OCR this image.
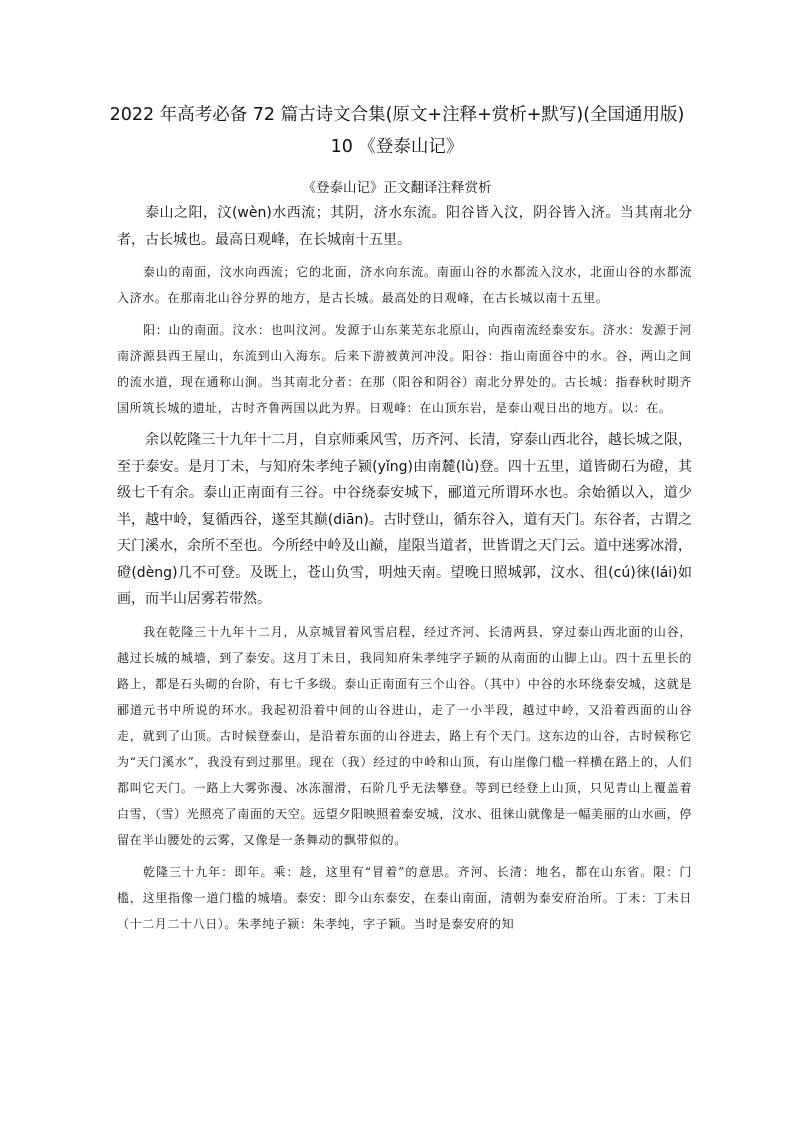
2022 年高考必备 72 篇古诗文合集(原文+注释+赏析+默写)(全国通用版)
10 《登泰山记》
《登泰山记》正文翻译注释赏析

泰山之阳，汶(wèn)水西流；其阴，济水东流。阳谷皆入汶，阴谷皆入济。当其南北分者，古长城也。最高日观峰，在长城南十五里。

泰山的南面，汶水向西流；它的北面，济水向东流。南面山谷的水都流入汶水，北面山谷的水都流入济水。在那南北山谷分界的地方，是古长城。最高处的日观峰，在古长城以南十五里。

阳：山的南面。汶水：也叫汶河。发源于山东莱芜东北原山，向西南流经泰安东。济水：发源于河南济源县西王屋山，东流到山入海东。后来下游被黄河冲没。阳谷：指山南面谷中的水。谷，两山之间的流水道，现在通称山涧。当其南北分者：在那（阳谷和阴谷）南北分界处的。古长城：指春秋时期齐国所筑长城的遗址，古时齐鲁两国以此为界。日观峰：在山顶东岩，是泰山观日出的地方。以：在。

余以乾隆三十九年十二月，自京师乘风雪，历齐河、长清，穿泰山西北谷，越长城之限，至于泰安。是月丁未，与知府朱孝纯子颍(yǐng)由南麓(lù)登。四十五里，道皆砌石为磴，其级七千有余。泰山正南面有三谷。中谷绕泰安城下，郦道元所谓环水也。余始循以入，道少半，越中岭，复循西谷，遂至其巅(diān)。古时登山，循东谷入，道有天门。东谷者，古谓之天门溪水，余所不至也。今所经中岭及山巅，崖限当道者，世皆谓之天门云。道中迷雾冰滑，磴(dèng)几不可登。及既上，苍山负雪，明烛天南。望晚日照城郭，汶水、徂(cú)徕(lái)如画，而半山居雾若带然。

我在乾隆三十九年十二月，从京城冒着风雪启程，经过齐河、长清两县，穿过泰山西北面的山谷，越过长城的城墙，到了泰安。这月丁未日，我同知府朱孝纯字子颖的从南面的山脚上山。四十五里长的路上，都是石头砌的台阶，有七千多级。泰山正南面有三个山谷。（其中）中谷的水环绕泰安城，这就是郦道元书中所说的环水。我起初沿着中间的山谷进山，走了一小半段，越过中岭，又沿着西面的山谷走，就到了山顶。古时候登泰山，是沿着东面的山谷进去，路上有个天门。这东边的山谷，古时候称它为“天门溪水”，我没有到过那里。现在（我）经过的中岭和山顶，有山崖像门槛一样横在路上的，人们都叫它天门。一路上大雾弥漫、冰冻溜滑，石阶几乎无法攀登。等到已经登上山顶，只见青山上覆盖着白雪，（雪）光照亮了南面的天空。远望夕阳映照着泰安城，汶水、徂徕山就像是一幅美丽的山水画，停留在半山腰处的云雾，又像是一条舞动的飘带似的。

乾隆三十九年：即年。乘：趁，这里有“冒着”的意思。齐河、长清：地名，都在山东省。限：门槛，这里指像一道门槛的城墙。泰安：即今山东泰安，在泰山南面，清朝为泰安府治所。丁未：丁未日（十二月二十八日）。朱孝纯子颍：朱孝纯，字子颖。当时是泰安府的知
